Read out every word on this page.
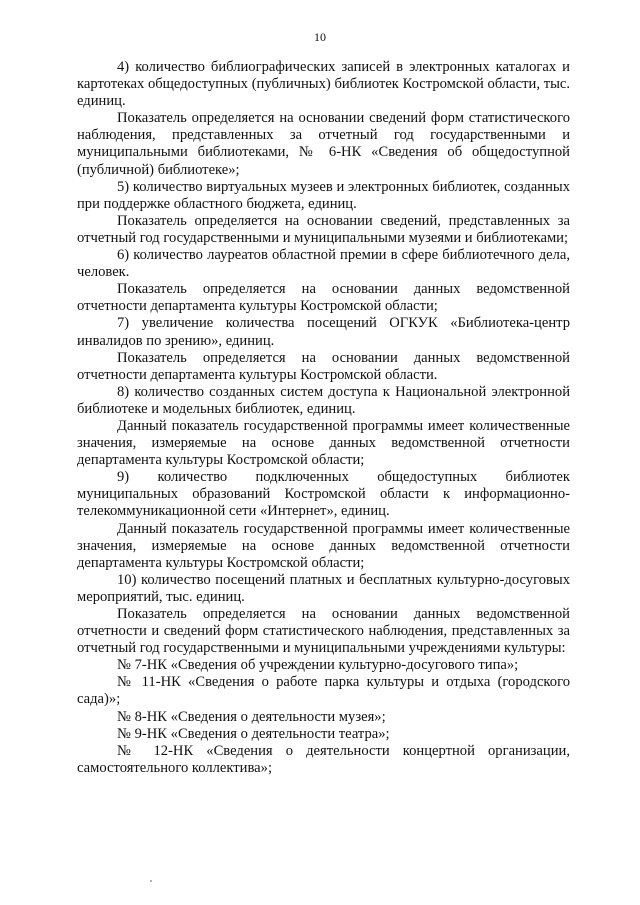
10

4) количество библиографических записей в электронных каталогах и картотеках общедоступных (публичных) библиотек Костромской области, тыс. единиц.

Показатель определяется на основании сведений форм статистического наблюдения, представленных за отчетный год государственными и муниципальными библиотеками, № 6-НК «Сведения об общедоступной (публичной) библиотеке»;

5) количество виртуальных музеев и электронных библиотек, созданных при поддержке областного бюджета, единиц.

Показатель определяется на основании сведений, представленных за отчетный год государственными и муниципальными музеями и библиотеками;

6) количество лауреатов областной премии в сфере библиотечного дела, человек.

Показатель определяется на основании данных ведомственной отчетности департамента культуры Костромской области;

7) увеличение количества посещений ОГКУК «Библиотека-центр инвалидов по зрению», единиц.

Показатель определяется на основании данных ведомственной отчетности департамента культуры Костромской области.

8) количество созданных систем доступа к Национальной электронной библиотеке и модельных библиотек, единиц.

Данный показатель государственной программы имеет количественные значения, измеряемые на основе данных ведомственной отчетности департамента культуры Костромской области;

9) количество подключенных общедоступных библиотек муниципальных образований Костромской области к информационно-телекоммуникационной сети «Интернет», единиц.

Данный показатель государственной программы имеет количественные значения, измеряемые на основе данных ведомственной отчетности департамента культуры Костромской области;

10) количество посещений платных и бесплатных культурно-досуговых мероприятий, тыс. единиц.

Показатель определяется на основании данных ведомственной отчетности и сведений форм статистического наблюдения, представленных за отчетный год государственными и муниципальными учреждениями культуры:

№ 7-НК «Сведения об учреждении культурно-досугового типа»;

№ 11-НК «Сведения о работе парка культуры и отдыха (городского сада)»;

№ 8-НК «Сведения о деятельности музея»;

№ 9-НК «Сведения о деятельности театра»;

№ 12-НК «Сведения о деятельности концертной организации, самостоятельного коллектива»;
